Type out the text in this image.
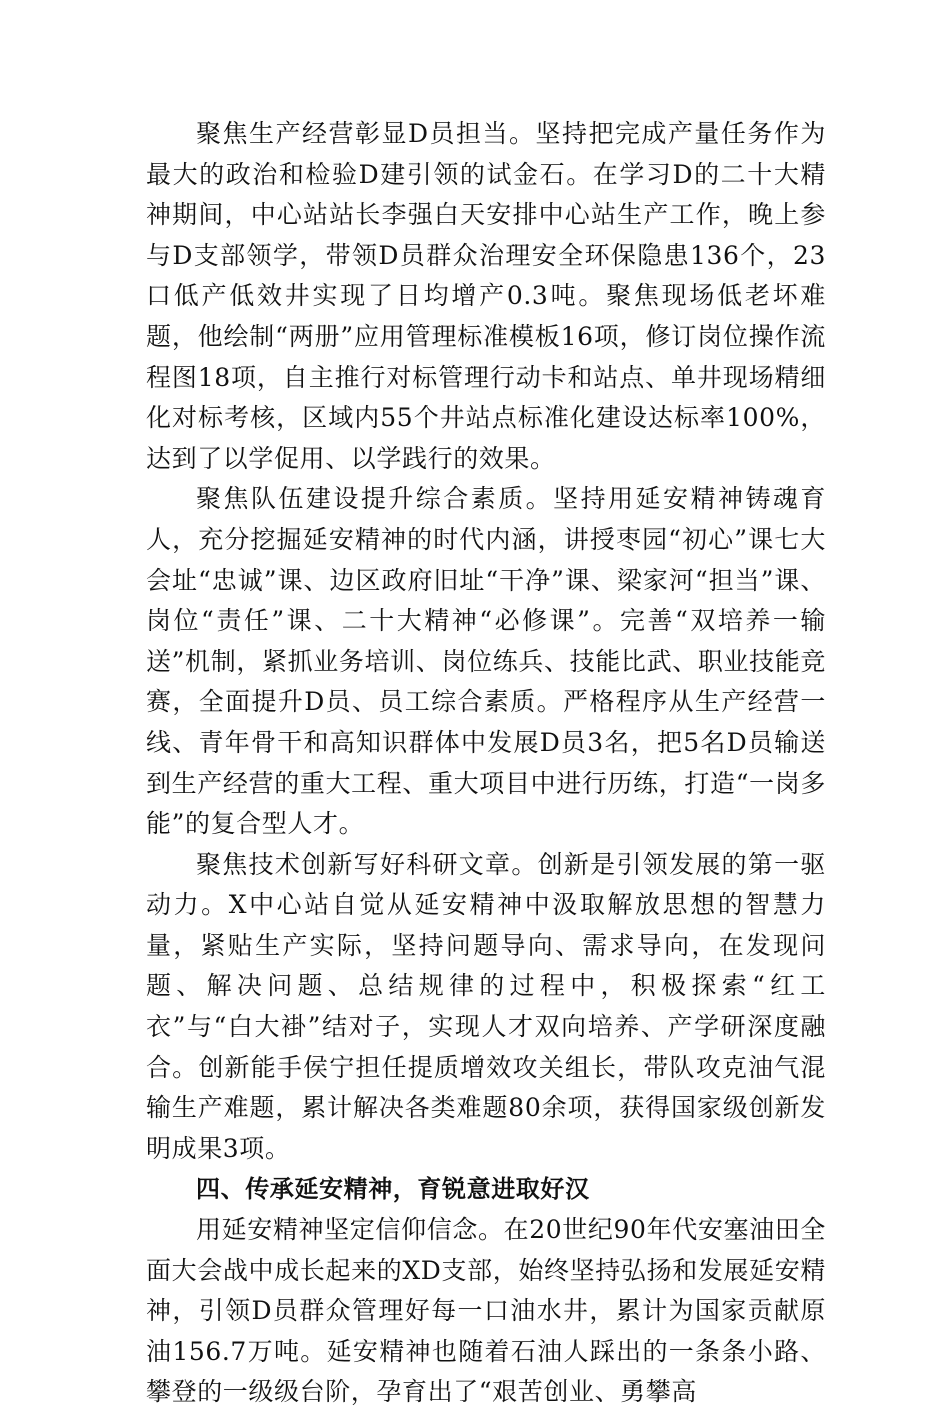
聚焦生产经营彰显D员担当。坚持把完成产量任务作为最大的政治和检验D建引领的试金石。在学习D的二十大精神期间，中心站站长李强白天安排中心站生产工作，晚上参与D支部领学，带领D员群众治理安全环保隐患136个，23口低产低效井实现了日均增产0.3吨。聚焦现场低老坏难题，他绘制“两册”应用管理标准模板16项，修订岗位操作流程图18项，自主推行对标管理行动卡和站点、单井现场精细化对标考核，区域内55个井站点标准化建设达标率100%，达到了以学促用、以学践行的效果。

聚焦队伍建设提升综合素质。坚持用延安精神铸魂育人，充分挖掘延安精神的时代内涵，讲授枣园“初心”课七大会址“忠诚”课、边区政府旧址“干净”课、梁家河“担当”课、岗位“责任”课、二十大精神“必修课”。完善“双培养一输送”机制，紧抓业务培训、岗位练兵、技能比武、职业技能竞赛，全面提升D员、员工综合素质。严格程序从生产经营一线、青年骨干和高知识群体中发展D员3名，把5名D员输送到生产经营的重大工程、重大项目中进行历练，打造“一岗多能”的复合型人才。

聚焦技术创新写好科研文章。创新是引领发展的第一驱动力。X中心站自觉从延安精神中汲取解放思想的智慧力量，紧贴生产实际，坚持问题导向、需求导向，在发现问题、解决问题、总结规律的过程中，积极探索“红工衣”与“白大褂”结对子，实现人才双向培养、产学研深度融合。创新能手侯宁担任提质增效攻关组长，带队攻克油气混输生产难题，累计解决各类难题80余项，获得国家级创新发明成果3项。

四、传承延安精神，育锐意进取好汉

用延安精神坚定信仰信念。在20世纪90年代安塞油田全面大会战中成长起来的XD支部，始终坚持弘扬和发展延安精神，引领D员群众管理好每一口油水井，累计为国家贡献原油156.7万吨。延安精神也随着石油人踩出的一条条小路、攀登的一级级台阶，孕育出了“艰苦创业、勇攀高
